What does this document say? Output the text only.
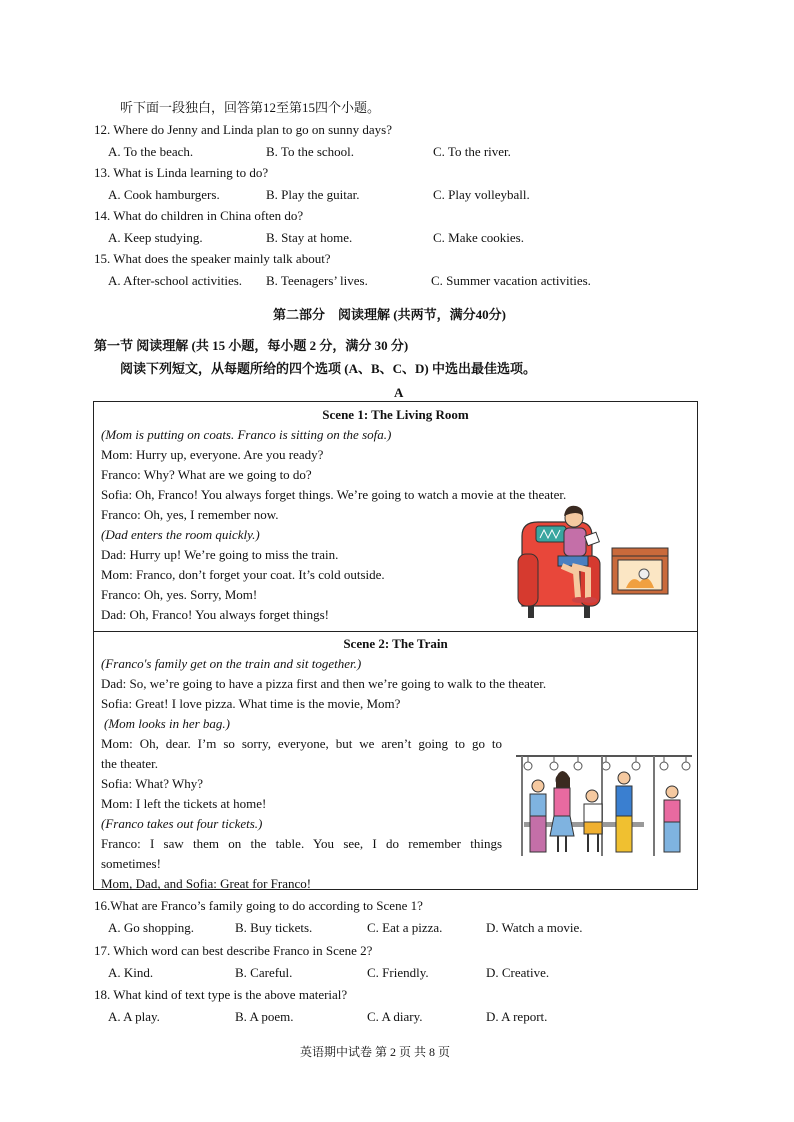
听下面一段独白，回答第12至第15四个小题。
12. Where do Jenny and Linda plan to go on sunny days?
A. To the beach.	B. To the school.	C. To the river.
13. What is Linda learning to do?
A. Cook hamburgers.	B. Play the guitar.	C. Play volleyball.
14. What do children in China often do?
A. Keep studying.	B. Stay at home.	C. Make cookies.
15. What does the speaker mainly talk about?
A. After-school activities. B. Teenagers’ lives.	C. Summer vacation activities.
第二部分　阅读理解 (共两节，满分40分)
第一节 阅读理解 (共 15 小题，每小题 2 分，满分 30 分)
阅读下列短文，从每题所给的四个选项 (A、B、C、D) 中选出最佳选项。
A
Scene 1: The Living Room
(Mom is putting on coats. Franco is sitting on the sofa.)
Mom: Hurry up, everyone. Are you ready?
Franco: Why? What are we going to do?
Sofia: Oh, Franco! You always forget things. We’re going to watch a movie at the theater.
Franco: Oh, yes, I remember now.
(Dad enters the room quickly.)
Dad: Hurry up! We’re going to miss the train.
Mom: Franco, don’t forget your coat. It’s cold outside.
Franco: Oh, yes. Sorry, Mom!
Dad: Oh, Franco! You always forget things!
Scene 2: The Train
(Franco's family get on the train and sit together.)
Dad: So, we’re going to have a pizza first and then we’re going to walk to the theater.
Sofia: Great! I love pizza. What time is the movie, Mom?
(Mom looks in her bag.)
Mom: Oh, dear. I’m so sorry, everyone, but we aren’t going to go to
the theater.
Sofia: What? Why?
Mom: I left the tickets at home!
(Franco takes out four tickets.)
Franco: I saw them on the table. You see, I do remember things
sometimes!
Mom, Dad, and Sofia: Great for Franco!
16.What are Franco’s family going to do according to Scene 1?
A. Go shopping.	B. Buy tickets.	C. Eat a pizza.	D. Watch a movie.
17. Which word can best describe Franco in Scene 2?
A. Kind.	B. Careful.	C. Friendly.	D. Creative.
18. What kind of text type is the above material?
A. A play.	B. A poem.	C. A diary.	D. A report.
英语期中试卷 第 2 页 共 8 页
